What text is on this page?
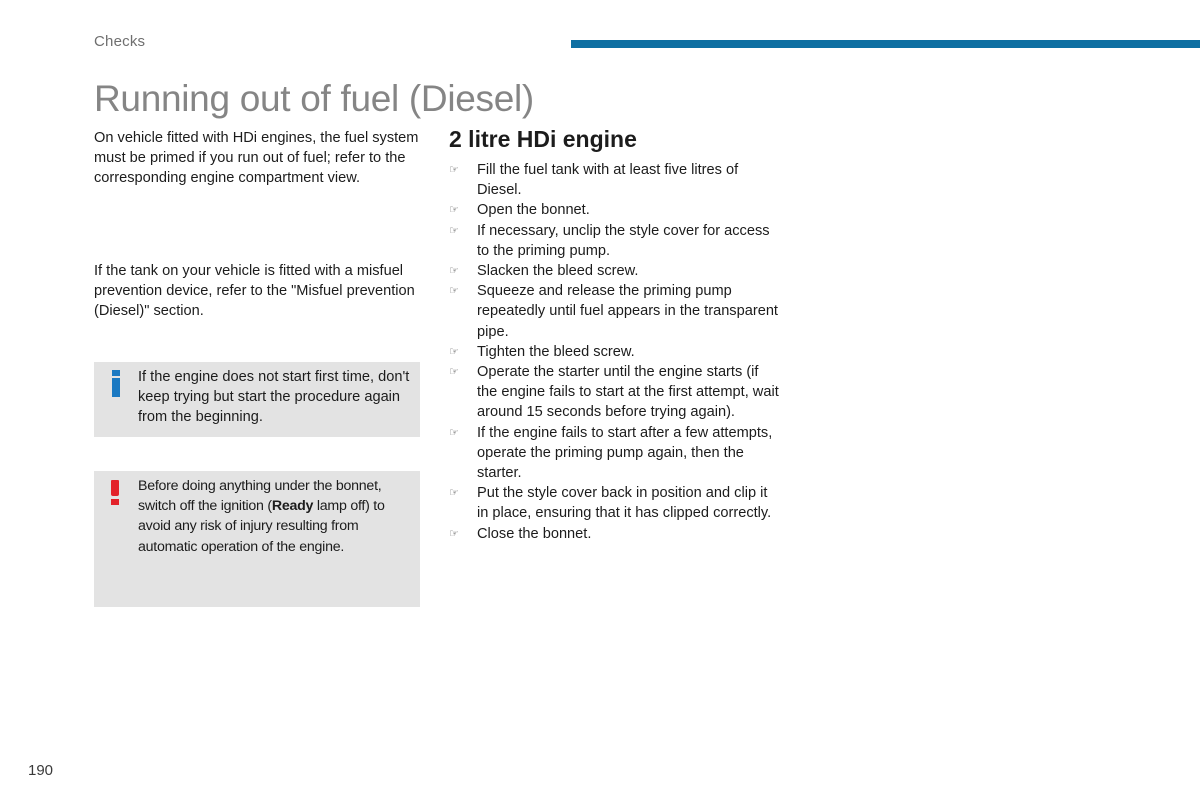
Checks
Running out of fuel (Diesel)

On vehicle fitted with HDi engines, the fuel system must be primed if you run out of fuel; refer to the corresponding engine compartment view.

If the tank on your vehicle is fitted with a misfuel prevention device, refer to the "Misfuel prevention (Diesel)" section.

If the engine does not start first time, don't keep trying but start the procedure again from the beginning.

Before doing anything under the bonnet, switch off the ignition (Ready lamp off) to avoid any risk of injury resulting from automatic operation of the engine.

2 litre HDi engine
☞ Fill the fuel tank with at least five litres of Diesel.
☞ Open the bonnet.
☞ If necessary, unclip the style cover for access to the priming pump.
☞ Slacken the bleed screw.
☞ Squeeze and release the priming pump repeatedly until fuel appears in the transparent pipe.
☞ Tighten the bleed screw.
☞ Operate the starter until the engine starts (if the engine fails to start at the first attempt, wait around 15 seconds before trying again).
☞ If the engine fails to start after a few attempts, operate the priming pump again, then the starter.
☞ Put the style cover back in position and clip it in place, ensuring that it has clipped correctly.
☞ Close the bonnet.
190
